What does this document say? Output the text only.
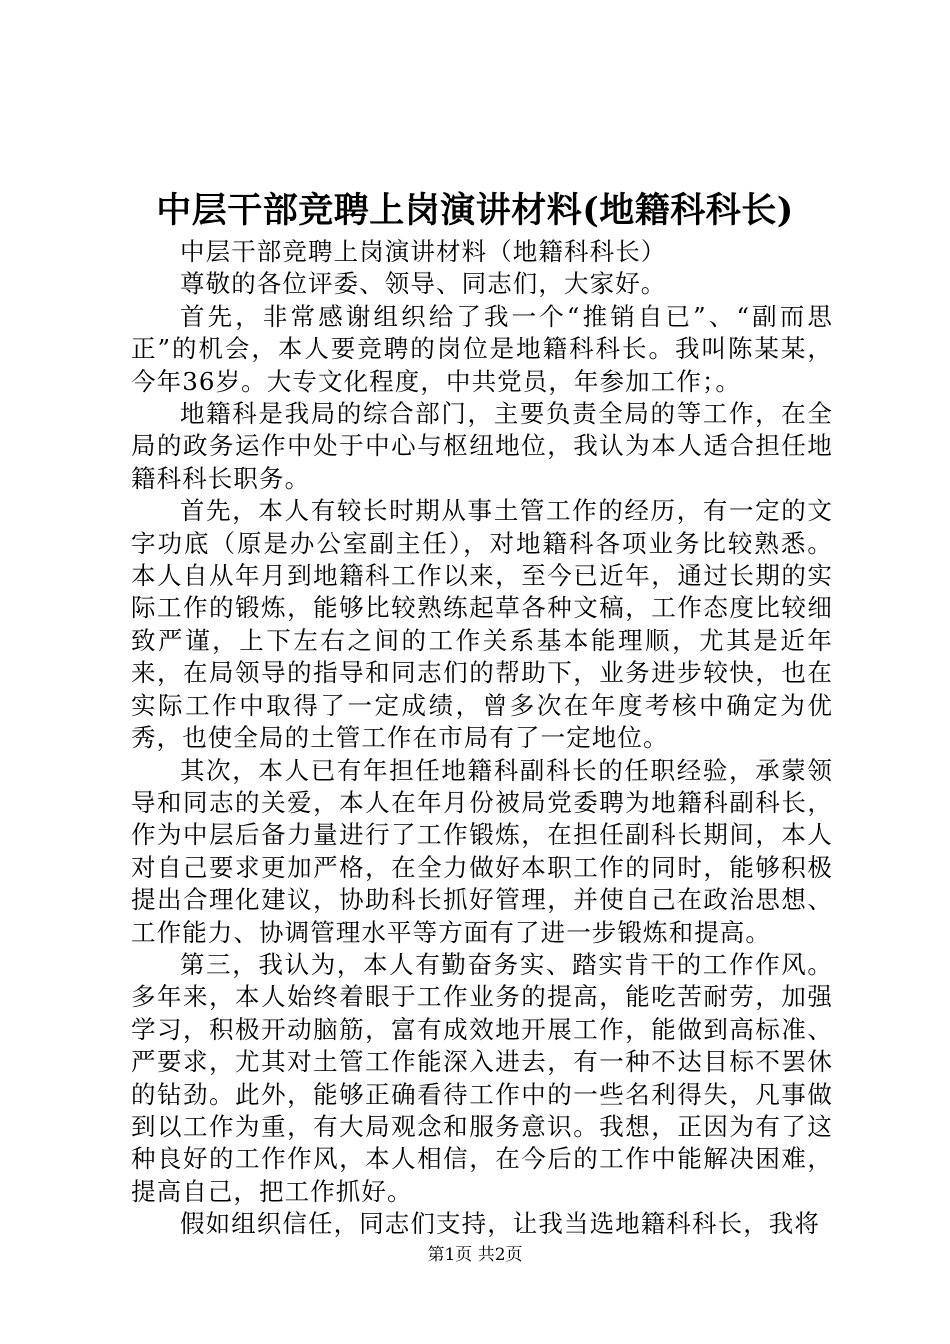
中层干部竞聘上岗演讲材料(地籍科科长)

中层干部竞聘上岗演讲材料（地籍科科长）

尊敬的各位评委、领导、同志们，大家好。

首先，非常感谢组织给了我一个“推销自已”、“副而思正”的机会，本人要竞聘的岗位是地籍科科长。我叫陈某某，今年36岁。大专文化程度，中共党员，年参加工作；。

地籍科是我局的综合部门，主要负责全局的等工作，在全局的政务运作中处于中心与枢纽地位，我认为本人适合担任地籍科科长职务。

首先，本人有较长时期从事土管工作的经历，有一定的文字功底（原是办公室副主任），对地籍科各项业务比较熟悉。本人自从年月到地籍科工作以来，至今已近年，通过长期的实际工作的锻炼，能够比较熟练起草各种文稿，工作态度比较细致严谨，上下左右之间的工作关系基本能理顺，尤其是近年来，在局领导的指导和同志们的帮助下，业务进步较快，也在实际工作中取得了一定成绩，曾多次在年度考核中确定为优秀，也使全局的土管工作在市局有了一定地位。

其次，本人已有年担任地籍科副科长的任职经验，承蒙领导和同志的关爱，本人在年月份被局党委聘为地籍科副科长，作为中层后备力量进行了工作锻炼，在担任副科长期间，本人对自己要求更加严格，在全力做好本职工作的同时，能够积极提出合理化建议，协助科长抓好管理，并使自己在政治思想、工作能力、协调管理水平等方面有了进一步锻炼和提高。

第三，我认为，本人有勤奋务实、踏实肯干的工作作风。多年来，本人始终着眼于工作业务的提高，能吃苦耐劳，加强学习，积极开动脑筋，富有成效地开展工作，能做到高标准、严要求，尤其对土管工作能深入进去，有一种不达目标不罢休的钻劲。此外，能够正确看待工作中的一些名利得失，凡事做到以工作为重，有大局观念和服务意识。我想，正因为有了这种良好的工作作风，本人相信，在今后的工作中能解决困难，提高自己，把工作抓好。

假如组织信任，同志们支持，让我当选地籍科科长，我将

第1页 共2页
